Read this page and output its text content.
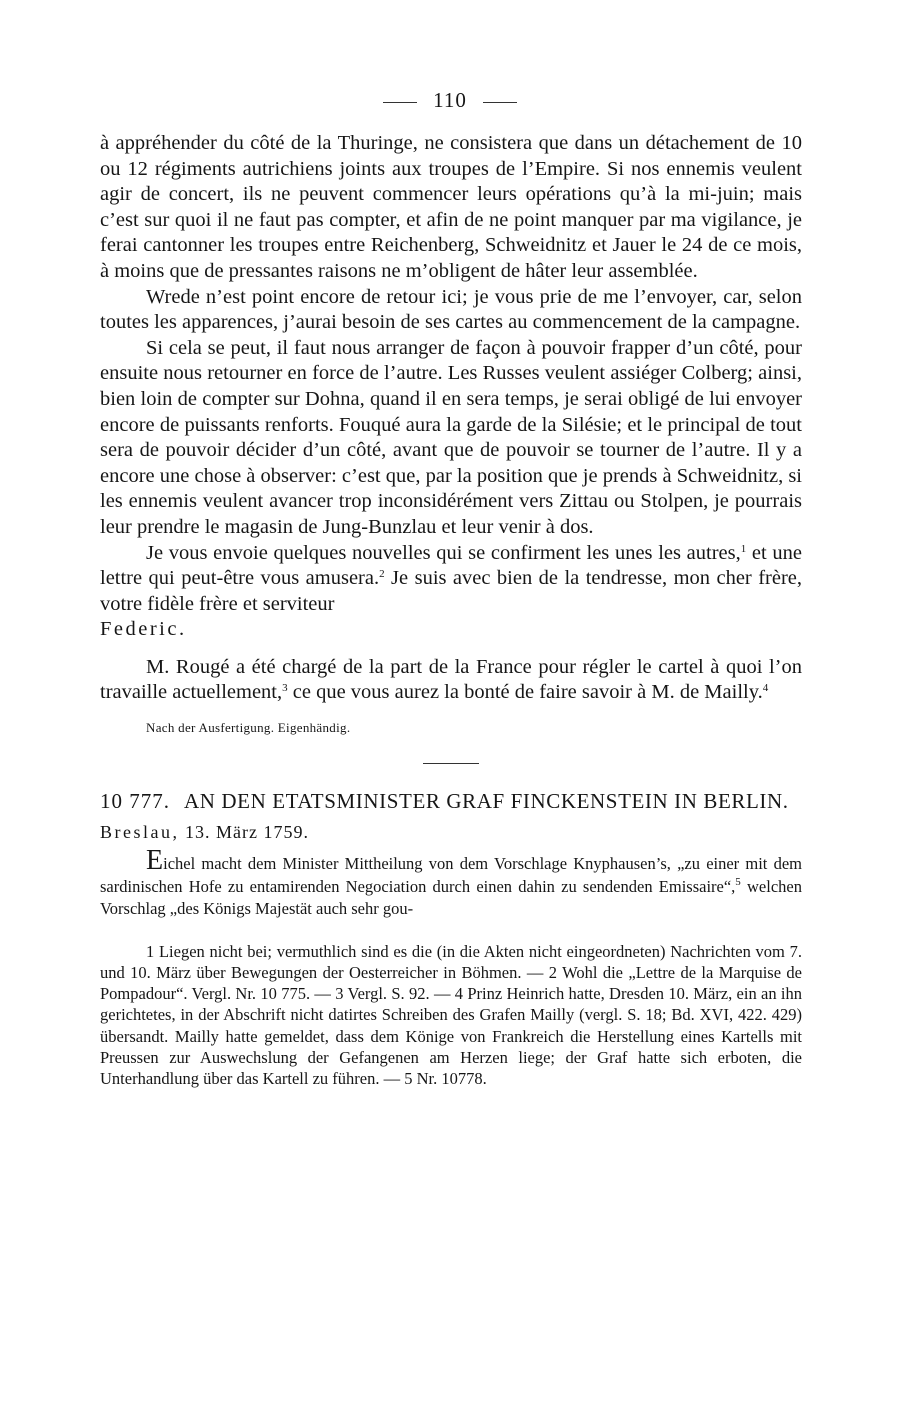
110

à appréhender du côté de la Thuringe, ne consistera que dans un détachement de 10 ou 12 régiments autrichiens joints aux troupes de l’Empire. Si nos ennemis veulent agir de concert, ils ne peuvent commencer leurs opérations qu’à la mi-juin; mais c’est sur quoi il ne faut pas compter, et afin de ne point manquer par ma vigilance, je ferai cantonner les troupes entre Reichenberg, Schweidnitz et Jauer le 24 de ce mois, à moins que de pressantes raisons ne m’obligent de hâter leur assemblée.

Wrede n’est point encore de retour ici; je vous prie de me l’envoyer, car, selon toutes les apparences, j’aurai besoin de ses cartes au commencement de la campagne.

Si cela se peut, il faut nous arranger de façon à pouvoir frapper d’un côté, pour ensuite nous retourner en force de l’autre. Les Russes veulent assiéger Colberg; ainsi, bien loin de compter sur Dohna, quand il en sera temps, je serai obligé de lui envoyer encore de puissants renforts. Fouqué aura la garde de la Silésie; et le principal de tout sera de pouvoir décider d’un côté, avant que de pouvoir se tourner de l’autre. Il y a encore une chose à observer: c’est que, par la position que je prends à Schweidnitz, si les ennemis veulent avancer trop inconsidérément vers Zittau ou Stolpen, je pourrais leur prendre le magasin de Jung-Bunzlau et leur venir à dos.

Je vous envoie quelques nouvelles qui se confirment les unes les autres,$^1$ et une lettre qui peut-être vous amusera.$^2$ Je suis avec bien de la tendresse, mon cher frère, votre fidèle frère et serviteur

Federic.

M. Rougé a été chargé de la part de la France pour régler le cartel à quoi l’on travaille actuellement,$^3$ ce que vous aurez la bonté de faire savoir à M. de Mailly.$^4$

Nach der Ausfertigung. Eigenhändig.

10 777. AN DEN ETATSMINISTER GRAF FINCKENSTEIN IN BERLIN.

Breslau, 13. März 1759.

Eichel macht dem Minister Mittheilung von dem Vorschlage Knyphausen’s, „zu einer mit dem sardinischen Hofe zu entamirenden Negociation durch einen dahin zu sendenden Emissaire“,$^5$ welchen Vorschlag „des Königs Majestät auch sehr gou-

1 Liegen nicht bei; vermuthlich sind es die (in die Akten nicht eingeordneten) Nachrichten vom 7. und 10. März über Bewegungen der Oesterreicher in Böhmen. — 2 Wohl die „Lettre de la Marquise de Pompadour“. Vergl. Nr. 10 775. — 3 Vergl. S. 92. — 4 Prinz Heinrich hatte, Dresden 10. März, ein an ihn gerichtetes, in der Abschrift nicht datirtes Schreiben des Grafen Mailly (vergl. S. 18; Bd. XVI, 422. 429) übersandt. Mailly hatte gemeldet, dass dem Könige von Frankreich die Herstellung eines Kartells mit Preussen zur Auswechslung der Gefangenen am Herzen liege; der Graf hatte sich erboten, die Unterhandlung über das Kartell zu führen. — 5 Nr. 10778.
